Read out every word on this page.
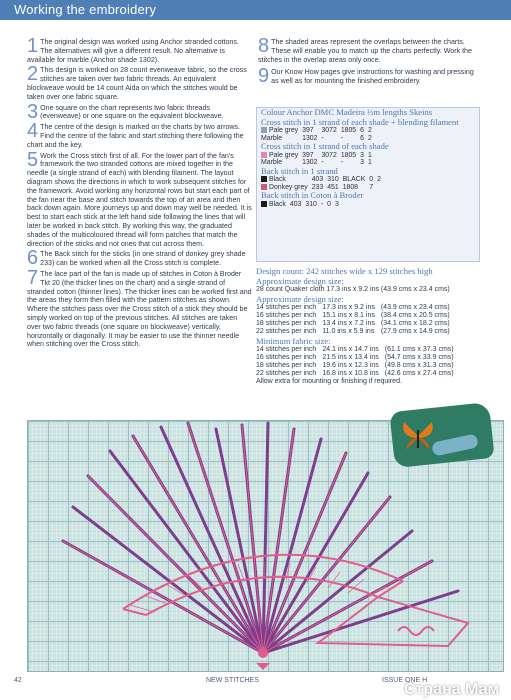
Working the embroidery
1 The original design was worked using Anchor stranded cottons. The alternatives will give a different result. No alternative is available for marble (Anchor shade 1302).
2 This design is worked on 28 count evenweave fabric, so the cross stitches are taken over two fabric threads. An equivalent blockweave would be 14 count Aida on which the stitches would be taken over one fabric square.
3 One square on the chart represents two fabric threads (evenweave) or one square on the equivalent blockweave.
4 The centre of the design is marked on the charts by two arrows. Find the centre of the fabric and start stitching there following the chart and the key.
5 Work the Cross stitch first of all. For the lower part of the fan's framework the two stranded cottons are mixed together in the needle (a single strand of each) with blending filament. The layout diagram shows the directions in which to work subsequent stitches for the framework. Avoid working any horizontal rows but start each part of the fan near the base and stitch towards the top of an area and then back down again. More journeys up and down may well be needed. It is best to start each stick at the left hand side following the lines that will later be worked in back stitch. By working this way, the graduated shades of the multicoloured thread will form patches that match the direction of the sticks and not ones that cut across them.
6 The Back stitch for the sticks (in one strand of donkey grey shade 233) can be worked when all the Cross stitch is complete.
7 The lace part of the fan is made up of stitches in Coton à Broder Tkt 20 (the thicker lines on the chart) and a single strand of stranded cotton (thinner lines). The thicker lines can be worked first and the areas they form then filled with the pattern stitches as shown. Where the stitches pass over the Cross stitch of a stick they should be simply worked on top of the previous stitches. All stitches are taken over two fabric threads (one square on blockweave) vertically, horizontally or diagonally. It may be easier to use the thinner needle when stitching over the Cross stitch.
8 The shaded areas represent the overlaps between the charts. These will enable you to match up the charts perfectly. Work the stitches in the overlap areas only once.
9 Our Know How pages give instructions for washing and pressing as well as for mounting the finished embroidery.
Colour Anchor DMC Madeira ⅓m lengths Skeins
Cross stitch in 1 strand of each shade + blending filament
Pale grey	397	3072	1805	6	2
Marble	1302	-	-	6	2
Cross stitch in 1 strand of each shade
Pale grey	397	3072	1805	3	1
Marble	1302	-	-	3	1
Back stitch in 1 strand
Black	403	310	BLACK	0	2
Donkey grey	233	451	1808	7	
Back stitch in Coton à Broder
Black	403	310	-	0	3
Design count: 242 stitches wide x 129 stitches high
Approximate design size:
28 count Quaker cloth 17.3 ins x 9.2 ins (43.9 cms x 23.4 cms)
Approximate design size:
14 stitches per inch	17.3 ins x 9.2 ins	(43.9 cms x 23.4 cms)
16 stitches per inch	15.1 ins x 8.1 ins	(38.4 cms x 20.5 cms)
18 stitches per inch	13.4 ins x 7.2 ins	(34.1 cms x 18.2 cms)
22 stitches per inch	11.0 ins x 5.9 ins	(27.9 cms x 14.9 cms)
Minimum fabric size:
14 stitches per inch	24.1 ins x 14.7 ins	(61.1 cms x 37.3 cms)
16 stitches per inch	21.5 ins x 13.4 ins	(54.7 cms x 33.9 cms)
18 stitches per inch	19.6 ins x 12.3 ins	(49.8 cms x 31.3 cms)
22 stitches per inch	16.8 ins x 10.8 ins	(42.6 cms x 27.4 cms)
Allow extra for mounting or finishing if required.
42	NEW STITCHES	ISSUE ONE H
Страна Мам
